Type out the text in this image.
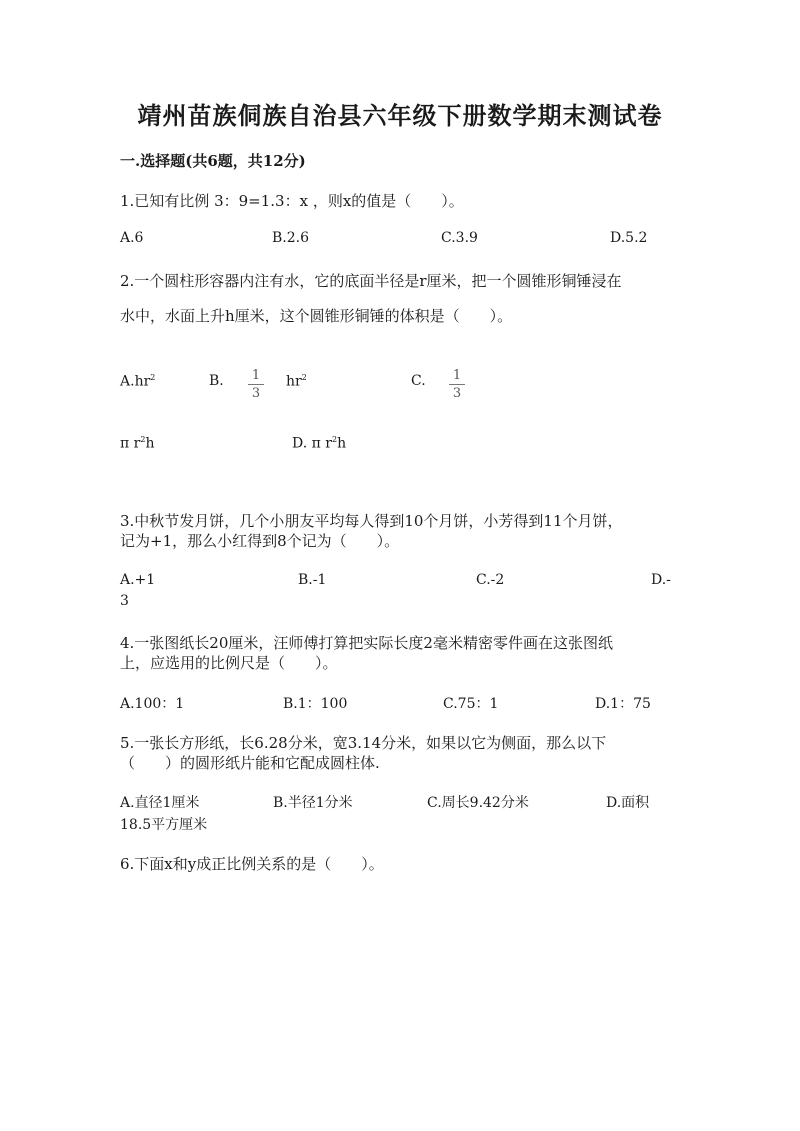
靖州苗族侗族自治县六年级下册数学期末测试卷
一.选择题(共6题，共12分)
1.已知有比例 3：9=1.3：x ，则x的值是（　　）。
A.6	B.2.6	C.3.9	D.5.2
2.一个圆柱形容器内注有水，它的底面半径是r厘米，把一个圆锥形铜锤浸在
水中，水面上升h厘米，这个圆锥形铜锤的体积是（　　）。
$A.hr^2$	B. 1
3
$hr^2$	C. 1
3
π $r^2h$	D. π $r^2h$
3.中秋节发月饼，几个小朋友平均每人得到10个月饼，小芳得到11个月饼，
记为+1，那么小红得到8个记为（　　）。
A.+1	B.-1	C.-2	D.-
3
4.一张图纸长20厘米，汪师傅打算把实际长度2毫米精密零件画在这张图纸
上，应选用的比例尺是（　　）。
A.100：1	B.1：100	C.75：1	D.1：75
5.一张长方形纸，长6.28分米，宽3.14分米，如果以它为侧面，那么以下
（　　）的圆形纸片能和它配成圆柱体.
A.直径1厘米	B.半径1分米	C.周长9.42分米	D.面积
18.5平方厘米
6.下面x和y成正比例关系的是（　　）。
